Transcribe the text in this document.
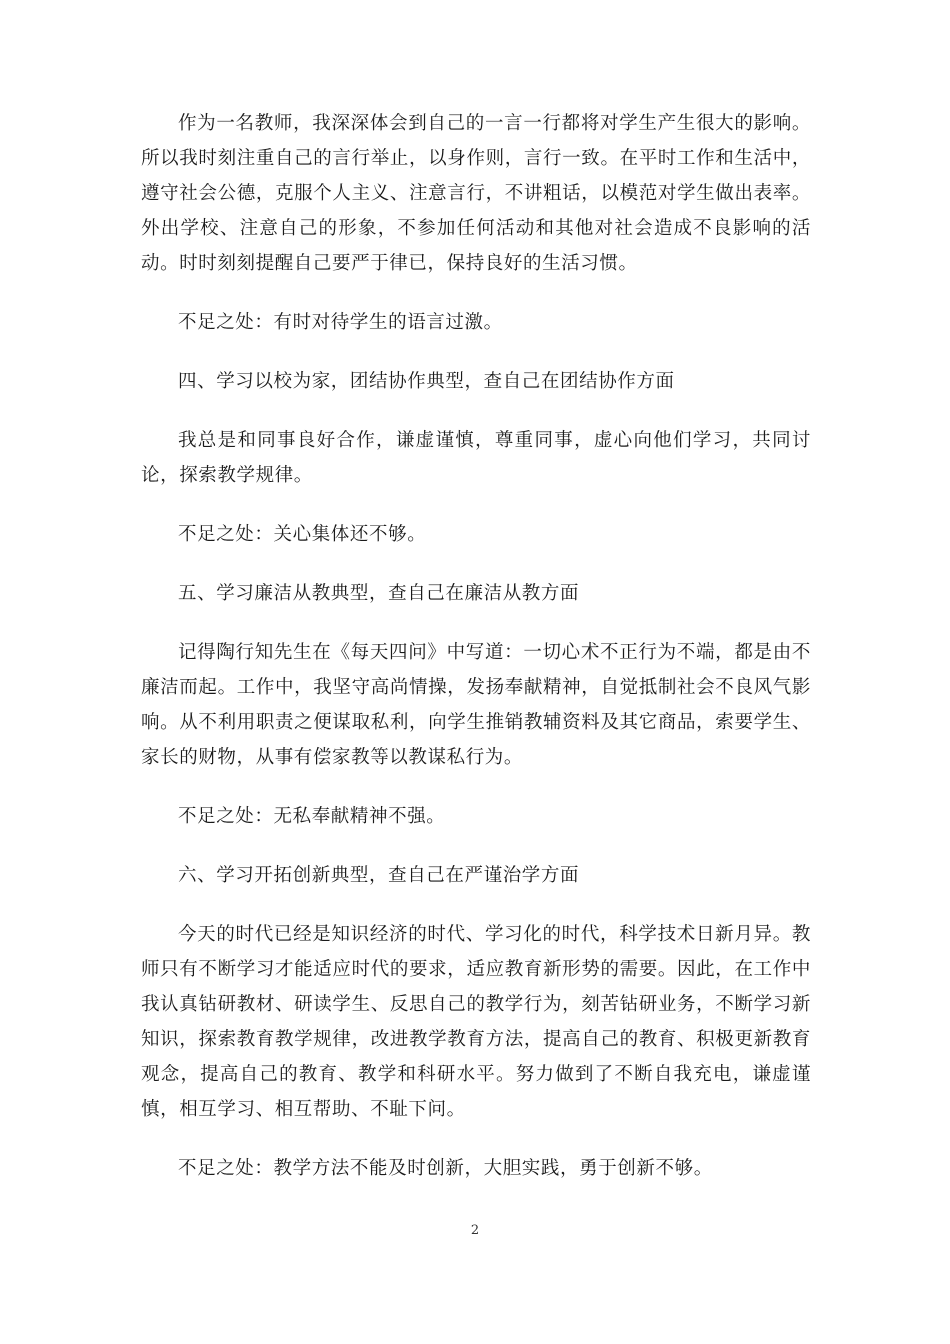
作为一名教师，我深深体会到自己的一言一行都将对学生产生很大的影响。所以我时刻注重自己的言行举止，以身作则，言行一致。在平时工作和生活中，遵守社会公德，克服个人主义、注意言行，不讲粗话，以模范对学生做出表率。外出学校、注意自己的形象，不参加任何活动和其他对社会造成不良影响的活动。时时刻刻提醒自己要严于律已，保持良好的生活习惯。

不足之处：有时对待学生的语言过激。

四、学习以校为家，团结协作典型，查自己在团结协作方面

我总是和同事良好合作，谦虚谨慎，尊重同事，虚心向他们学习，共同讨论，探索教学规律。

不足之处：关心集体还不够。

五、学习廉洁从教典型，查自己在廉洁从教方面

记得陶行知先生在《每天四问》中写道：一切心术不正行为不端，都是由不廉洁而起。工作中，我坚守高尚情操，发扬奉献精神，自觉抵制社会不良风气影响。从不利用职责之便谋取私利，向学生推销教辅资料及其它商品，索要学生、家长的财物，从事有偿家教等以教谋私行为。

不足之处：无私奉献精神不强。

六、学习开拓创新典型，查自己在严谨治学方面

今天的时代已经是知识经济的时代、学习化的时代，科学技术日新月异。教师只有不断学习才能适应时代的要求，适应教育新形势的需要。因此，在工作中我认真钻研教材、研读学生、反思自己的教学行为，刻苦钻研业务，不断学习新知识，探索教育教学规律，改进教学教育方法，提高自己的教育、积极更新教育观念，提高自己的教育、教学和科研水平。努力做到了不断自我充电，谦虚谨慎，相互学习、相互帮助、不耻下问。

不足之处：教学方法不能及时创新，大胆实践，勇于创新不够。

2
